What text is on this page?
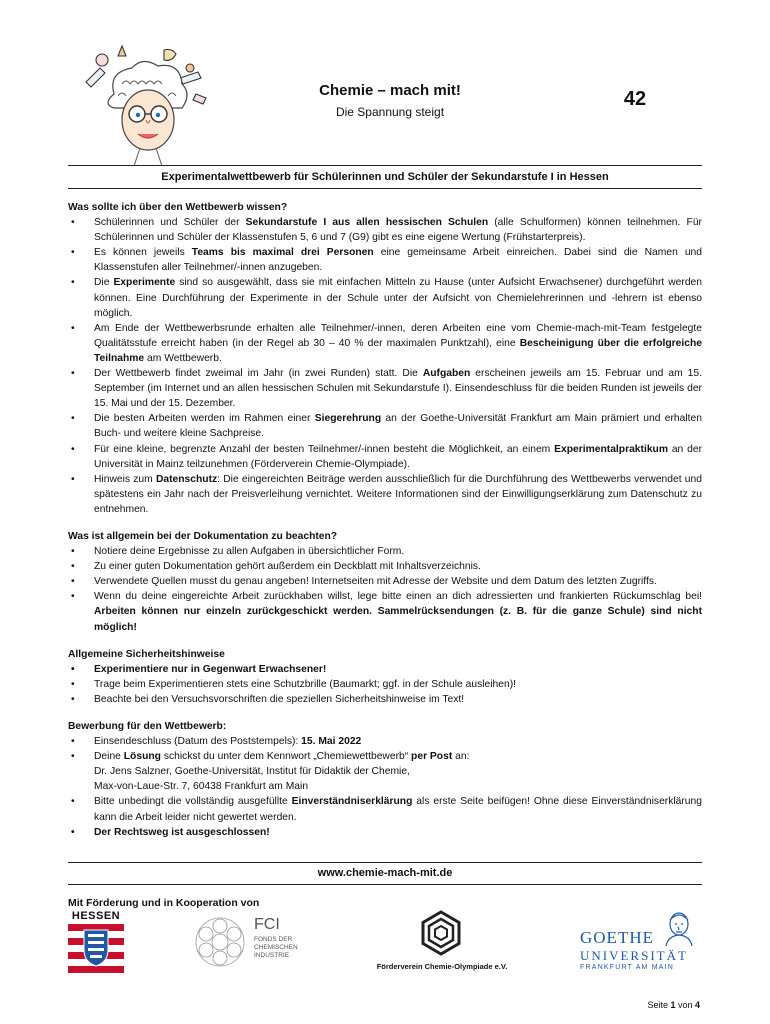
Chemie – mach mit!
Die Spannung steigt
42
Experimentalwettbewerb für Schülerinnen und Schüler der Sekundarstufe I in Hessen
Was sollte ich über den Wettbewerb wissen?
• Schülerinnen und Schüler der Sekundarstufe I aus allen hessischen Schulen (alle Schulformen) können teilnehmen. Für Schülerinnen und Schüler der Klassenstufen 5, 6 und 7 (G9) gibt es eine eigene Wertung (Frühstarterpreis).
• Es können jeweils Teams bis maximal drei Personen eine gemeinsame Arbeit einreichen. Dabei sind die Namen und Klassenstufen aller Teilnehmer/-innen anzugeben.
• Die Experimente sind so ausgewählt, dass sie mit einfachen Mitteln zu Hause (unter Aufsicht Erwachsener) durchgeführt werden können. Eine Durchführung der Experimente in der Schule unter der Aufsicht von Chemielehrerinnen und -lehrern ist ebenso möglich.
• Am Ende der Wettbewerbsrunde erhalten alle Teilnehmer/-innen, deren Arbeiten eine vom Chemie-mach-mit-Team festgelegte Qualitätsstufe erreicht haben (in der Regel ab 30 – 40 % der maximalen Punktzahl), eine Bescheinigung über die erfolgreiche Teilnahme am Wettbewerb.
• Der Wettbewerb findet zweimal im Jahr (in zwei Runden) statt. Die Aufgaben erscheinen jeweils am 15. Februar und am 15. September (im Internet und an allen hessischen Schulen mit Sekundarstufe I). Einsendeschluss für die beiden Runden ist jeweils der 15. Mai und der 15. Dezember.
• Die besten Arbeiten werden im Rahmen einer Siegerehrung an der Goethe-Universität Frankfurt am Main prämiert und erhalten Buch- und weitere kleine Sachpreise.
• Für eine kleine, begrenzte Anzahl der besten Teilnehmer/-innen besteht die Möglichkeit, an einem Experimentalpraktikum an der Universität in Mainz teilzunehmen (Förderverein Chemie-Olympiade).
• Hinweis zum Datenschutz: Die eingereichten Beiträge werden ausschließlich für die Durchführung des Wettbewerbs verwendet und spätestens ein Jahr nach der Preisverleihung vernichtet. Weitere Informationen sind der Einwilligungserklärung zum Datenschutz zu entnehmen.
Was ist allgemein bei der Dokumentation zu beachten?
• Notiere deine Ergebnisse zu allen Aufgaben in übersichtlicher Form.
• Zu einer guten Dokumentation gehört außerdem ein Deckblatt mit Inhaltsverzeichnis.
• Verwendete Quellen musst du genau angeben! Internetseiten mit Adresse der Website und dem Datum des letzten Zugriffs.
• Wenn du deine eingereichte Arbeit zurückhaben willst, lege bitte einen an dich adressierten und frankierten Rückumschlag bei! Arbeiten können nur einzeln zurückgeschickt werden. Sammelrücksendungen (z. B. für die ganze Schule) sind nicht möglich!
Allgemeine Sicherheitshinweise
• Experimentiere nur in Gegenwart Erwachsener!
• Trage beim Experimentieren stets eine Schutzbrille (Baumarkt; ggf. in der Schule ausleihen)!
• Beachte bei den Versuchsvorschriften die speziellen Sicherheitshinweise im Text!
Bewerbung für den Wettbewerb:
• Einsendeschluss (Datum des Poststempels): 15. Mai 2022
• Deine Lösung schickst du unter dem Kennwort „Chemiewettbewerb“ per Post an:
Dr. Jens Salzner, Goethe-Universität, Institut für Didaktik der Chemie,
Max-von-Laue-Str. 7, 60438 Frankfurt am Main
• Bitte unbedingt die vollständig ausgefüllte Einverständniserklärung als erste Seite beifügen! Ohne diese Einverständniserklärung kann die Arbeit leider nicht gewertet werden.
• Der Rechtsweg ist ausgeschlossen!
www.chemie-mach-mit.de
Mit Förderung und in Kooperation von
HESSEN	FCI
FONDS DER
CHEMISCHEN
INDUSTRIE
Förderverein Chemie-Olympiade e.V.
GOETHE
UNIVERSITÄT
FRANKFURT AM MAIN
Seite 1 von 4
